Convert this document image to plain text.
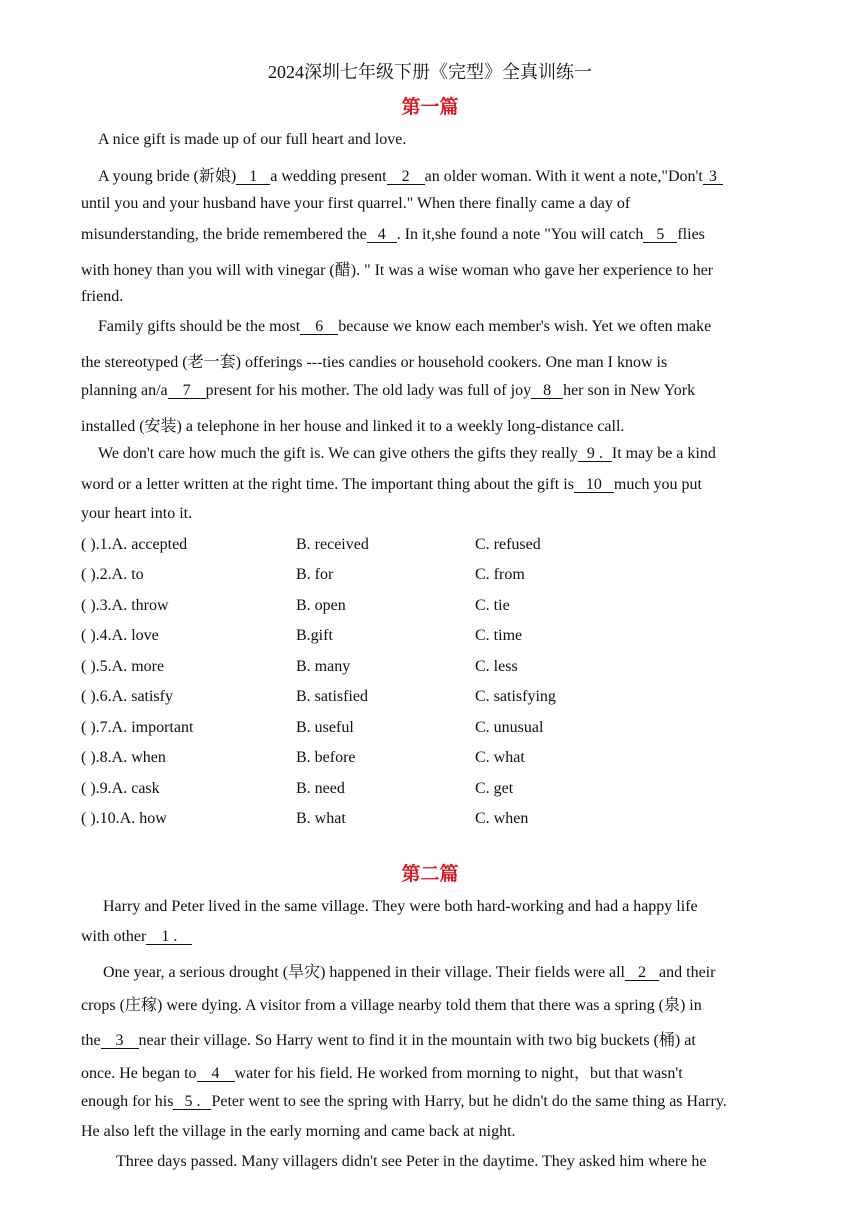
2024深圳七年级下册《完型》全真训练一
第一篇
A nice gift is made up of our full heart and love.
A young bride (新娘) 1 a wedding present 2 an older woman. With it went a note,"Don't 3
until you and your husband have your first quarrel." When there finally came a day of
misunderstanding, the bride remembered the 4 . In it,she found a note "You will catch 5 flies
with honey than you will with vinegar (醋). " It was a wise woman who gave her experience to her
friend.
Family gifts should be the most 6 because we know each member's wish. Yet we often make
the stereotyped (老一套) offerings ---ties candies or household cookers. One man I know is
planning an/a 7 present for his mother. The old lady was full of joy 8 her son in New York
installed (安装) a telephone in her house and linked it to a weekly long-distance call.
We don't care how much the gift is. We can give others the gifts they really 9 . It may be a kind
word or a letter written at the right time. The important thing about the gift is 10 much you put
your heart into it.
( ).1.A. accepted	B. received	C. refused
( ).2.A. to	B. for	C. from
( ).3.A. throw	B. open	C. tie
( ).4.A. love	B.gift	C. time
( ).5.A. more	B. many	C. less
( ).6.A. satisfy	B. satisfied	C. satisfying
( ).7.A. important	B. useful	C. unusual
( ).8.A. when	B. before	C. what
( ).9.A. cask	B. need	C. get
( ).10.A. how	B. what	C. when
第二篇
Harry and Peter lived in the same village. They were both hard-working and had a happy life
with other 1 .
One year, a serious drought (旱灾) happened in their village. Their fields were all 2 and their
crops (庄稼) were dying. A visitor from a village nearby told them that there was a spring (泉) in
the 3 near their village. So Harry went to find it in the mountain with two big buckets (桶) at
once. He began to 4 water for his field. He worked from morning to night，but that wasn't
enough for his 5 . Peter went to see the spring with Harry, but he didn't do the same thing as Harry.
He also left the village in the early morning and came back at night.
Three days passed. Many villagers didn't see Peter in the daytime. They asked him where he
